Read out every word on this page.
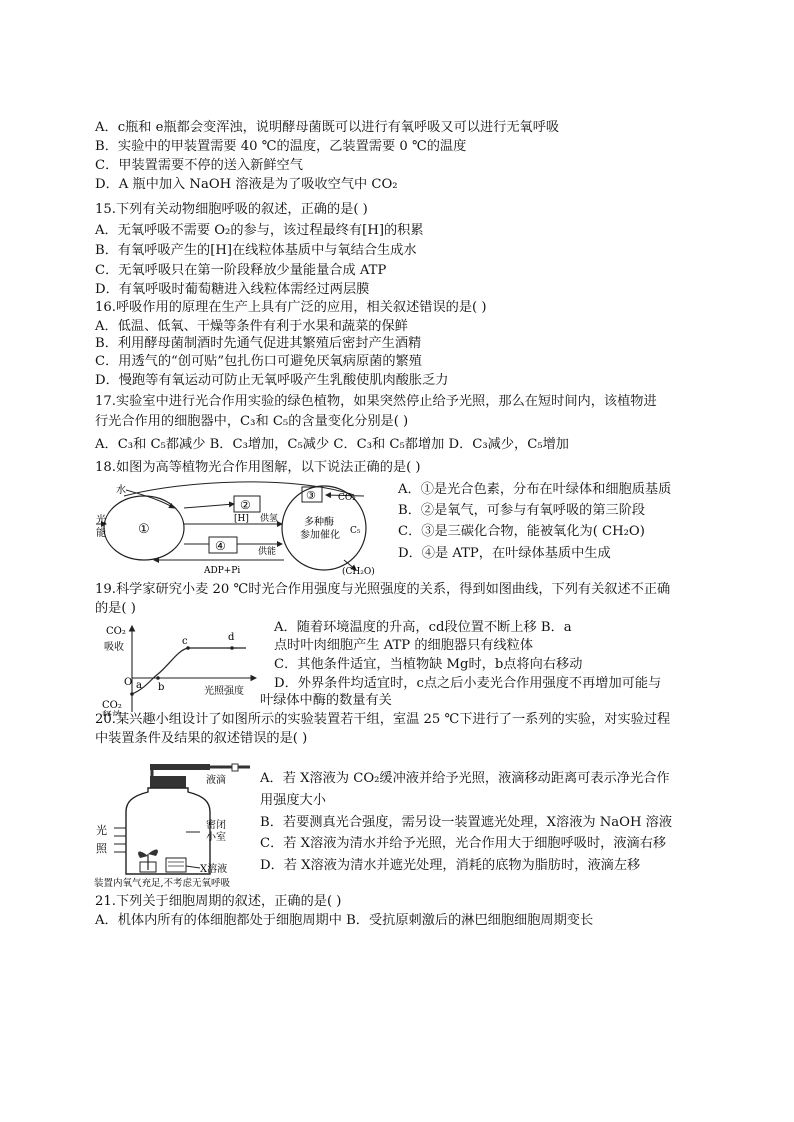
A．c瓶和 e瓶都会变浑浊，说明酵母菌既可以进行有氧呼吸又可以进行无氧呼吸
B．实验中的甲装置需要 40 ℃的温度，乙装置需要 0 ℃的温度
C．甲装置需要不停的送入新鲜空气
D．A 瓶中加入 NaOH 溶液是为了吸收空气中 CO₂
15.下列有关动物细胞呼吸的叙述，正确的是( )
A．无氧呼吸不需要 O₂的参与，该过程最终有[H]的积累
B．有氧呼吸产生的[H]在线粒体基质中与氧结合生成水
C．无氧呼吸只在第一阶段释放少量能量合成 ATP
D．有氧呼吸时葡萄糖进入线粒体需经过两层膜
16.呼吸作用的原理在生产上具有广泛的应用，相关叙述错误的是( )
A．低温、低氧、干燥等条件有利于水果和蔬菜的保鲜
B．利用酵母菌制酒时先通气促进其繁殖后密封产生酒精
C．用透气的“创可贴”包扎伤口可避免厌氧病原菌的繁殖
D．慢跑等有氧运动可防止无氧呼吸产生乳酸使肌肉酸胀乏力
17.实验室中进行光合作用实验的绿色植物，如果突然停止给予光照，那么在短时间内，该植物进
行光合作用的细胞器中，C₃和 C₅的含量变化分别是( )
A．C₃和 C₅都减少 B．C₃增加，C₅减少 C．C₃和 C₅都增加 D．C₃减少，C₅增加
18.如图为高等植物光合作用图解，以下说法正确的是( )
水
光
能 ①
②
④
③
[H] 供氢
供能
CO₂
多种酶
参加催化 C₅
(CH₂O)
ADP+Pi
A．①是光合色素，分布在叶绿体和细胞质基质
B．②是氧气，可参与有氧呼吸的第三阶段
C．③是三碳化合物，能被氧化为( CH₂O)
D．④是 ATP，在叶绿体基质中生成
19.科学家研究小麦 20 ℃时光合作用强度与光照强度的关系，得到如图曲线，下列有关叙述不正确
的是( )
CO₂
吸收
O a b
c	d
光照强度
CO₂
A．随着环境温度的升高，cd段位置不断上移 B．a
点时叶肉细胞产生 ATP 的细胞器只有线粒体
C．其他条件适宜，当植物缺 Mg时，b点将向右移动
D．外界条件均适宜时，c点之后小麦光合作用强度不再增加可能与
叶绿体中酶的数量有关
20.某兴趣小组设计了如图所示的实验装置若干组，室温 25 ℃下进行了一系列的实验，对实验过程
中装置条件及结果的叙述错误的是( )
液滴
密闭
小室
X溶液
光
照
装置内氧气充足,不考虑无氧呼吸
A．若 X溶液为 CO₂缓冲液并给予光照，液滴移动距离可表示净光合作
用强度大小
B．若要测真光合强度，需另设一装置遮光处理，X溶液为 NaOH 溶液
C．若 X溶液为清水并给予光照，光合作用大于细胞呼吸时，液滴右移
D．若 X溶液为清水并遮光处理，消耗的底物为脂肪时，液滴左移
21.下列关于细胞周期的叙述，正确的是( )
A．机体内所有的体细胞都处于细胞周期中 B．受抗原刺激后的淋巴细胞细胞周期变长
